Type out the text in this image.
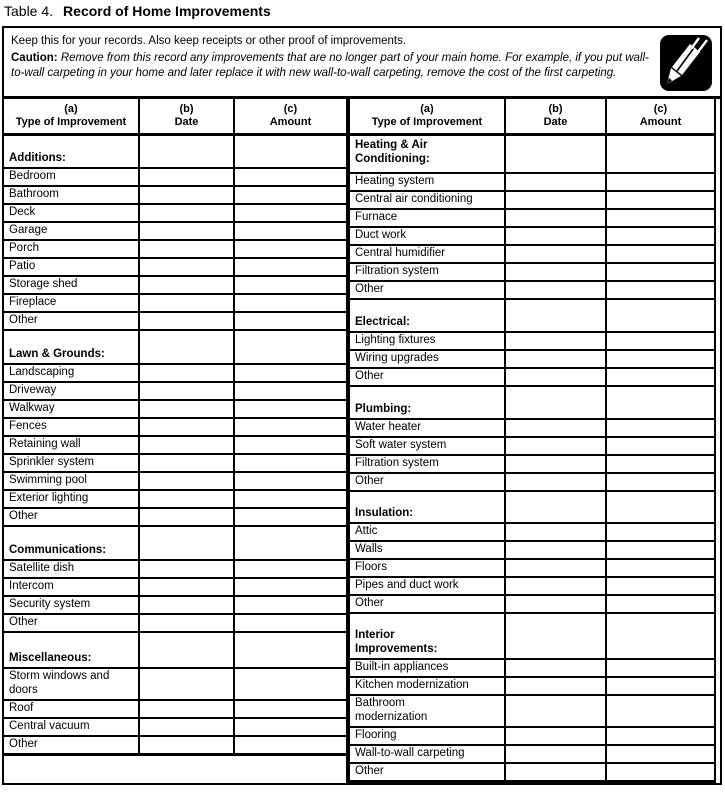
Table 4. Record of Home Improvements
Keep this for your records. Also keep receipts or other proof of improvements.
Caution: Remove from this record any improvements that are no longer part of your main home. For example, if you put wall-to-wall carpeting in your home and later replace it with new wall-to-wall carpeting, remove the cost of the first carpeting.
(a)
Type of Improvement
(b)
Date
(c)
Amount
(a)
Type of Improvement
(b)
Date
(c)
Amount
Additions:
Bedroom
Bathroom
Deck
Garage
Porch
Patio
Storage shed
Fireplace
Other
Lawn & Grounds:
Landscaping
Driveway
Walkway
Fences
Retaining wall
Sprinkler system
Swimming pool
Exterior lighting
Other
Communications:
Satellite dish
Intercom
Security system
Other
Miscellaneous:
Storm windows and doors
Roof
Central vacuum
Other
Heating & Air Conditioning:
Heating system
Central air conditioning
Furnace
Duct work
Central humidifier
Filtration system
Other
Electrical:
Lighting fixtures
Wiring upgrades
Other
Plumbing:
Water heater
Soft water system
Filtration system
Other
Insulation:
Attic
Walls
Floors
Pipes and duct work
Other
Interior Improvements:
Built-in appliances
Kitchen modernization
Bathroom modernization
Flooring
Wall-to-wall carpeting
Other
